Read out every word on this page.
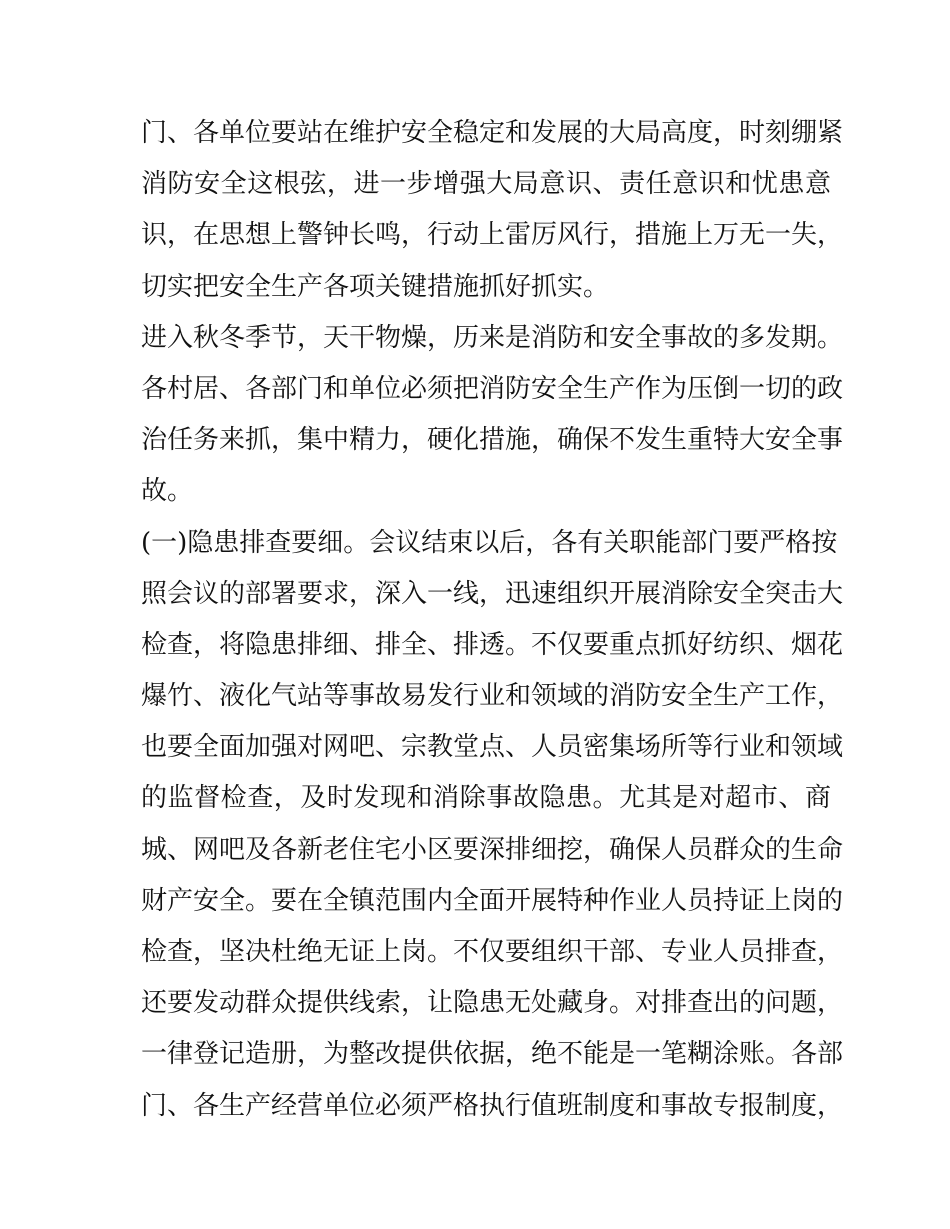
门、各单位要站在维护安全稳定和发展的大局高度，时刻绷紧
消防安全这根弦，进一步增强大局意识、责任意识和忧患意
识，在思想上警钟长鸣，行动上雷厉风行，措施上万无一失，
切实把安全生产各项关键措施抓好抓实。
进入秋冬季节，天干物燥，历来是消防和安全事故的多发期。
各村居、各部门和单位必须把消防安全生产作为压倒一切的政
治任务来抓，集中精力，硬化措施，确保不发生重特大安全事
故。
(一)隐患排查要细。会议结束以后，各有关职能部门要严格按
照会议的部署要求，深入一线，迅速组织开展消除安全突击大
检查，将隐患排细、排全、排透。不仅要重点抓好纺织、烟花
爆竹、液化气站等事故易发行业和领域的消防安全生产工作，
也要全面加强对网吧、宗教堂点、人员密集场所等行业和领域
的监督检查，及时发现和消除事故隐患。尤其是对超市、商
城、网吧及各新老住宅小区要深排细挖，确保人员群众的生命
财产安全。要在全镇范围内全面开展特种作业人员持证上岗的
检查，坚决杜绝无证上岗。不仅要组织干部、专业人员排查，
还要发动群众提供线索，让隐患无处藏身。对排查出的问题，
一律登记造册，为整改提供依据，绝不能是一笔糊涂账。各部
门、各生产经营单位必须严格执行值班制度和事故专报制度，
